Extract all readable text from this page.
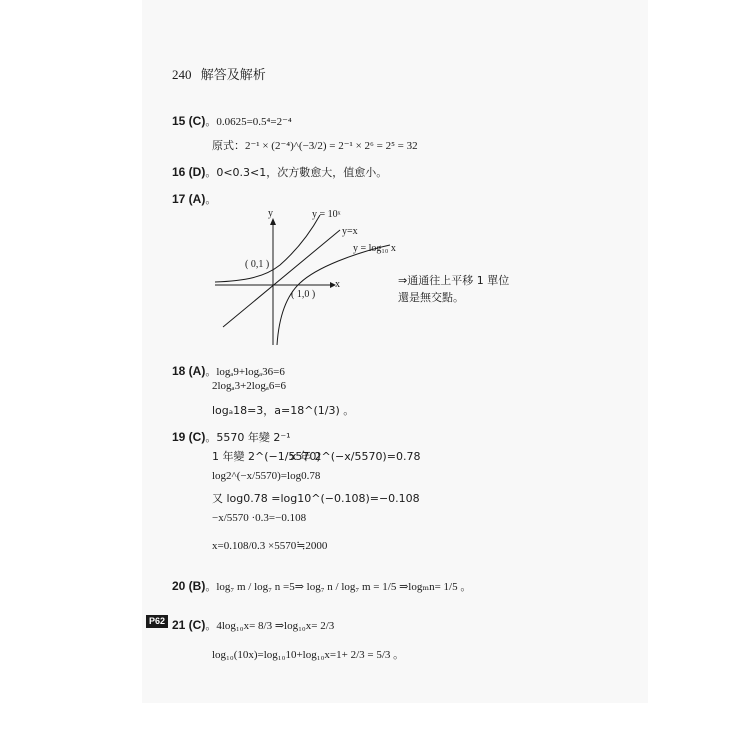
240 解答及解析
15 (C)。0.0625=0.5⁴=2⁻⁴
原式：2⁻¹ × (2⁻⁴)^(−3/2) = 2⁻¹ × 2⁶ = 2⁵ = 32
16 (D)。0<0.3<1，次方數愈大，值愈小。
17 (A)。
y
x
y = 10ˣ
y=x
y = log₁₀ x
( 0,1 )
( 1,0 )
⇒通通往上平移 1 單位
還是無交點。
18 (A)。logₐ9+logₐ36=6
2logₐ3+2logₐ6=6
logₐ18=3，a=18^(1/3) 。
19 (C)。5570 年變 2⁻¹
1 年變 2^(−1/5570)
x 年 2^(−x/5570)=0.78
log2^(−x/5570)=log0.78
又 log0.78 =log10^(−0.108)=−0.108
−x/5570 ·0.3=−0.108
x=0.108/0.3 ×5570≒2000
20 (B)。log₇ m / log₇ n =5⇒ log₇ n / log₇ m = 1/5 ⇒logₘn= 1/5 。
P62 21 (C)。4log₁₀x= 8/3 ⇒log₁₀x= 2/3
log₁₀(10x)=log₁₀10+log₁₀x=1+ 2/3 = 5/3 。
